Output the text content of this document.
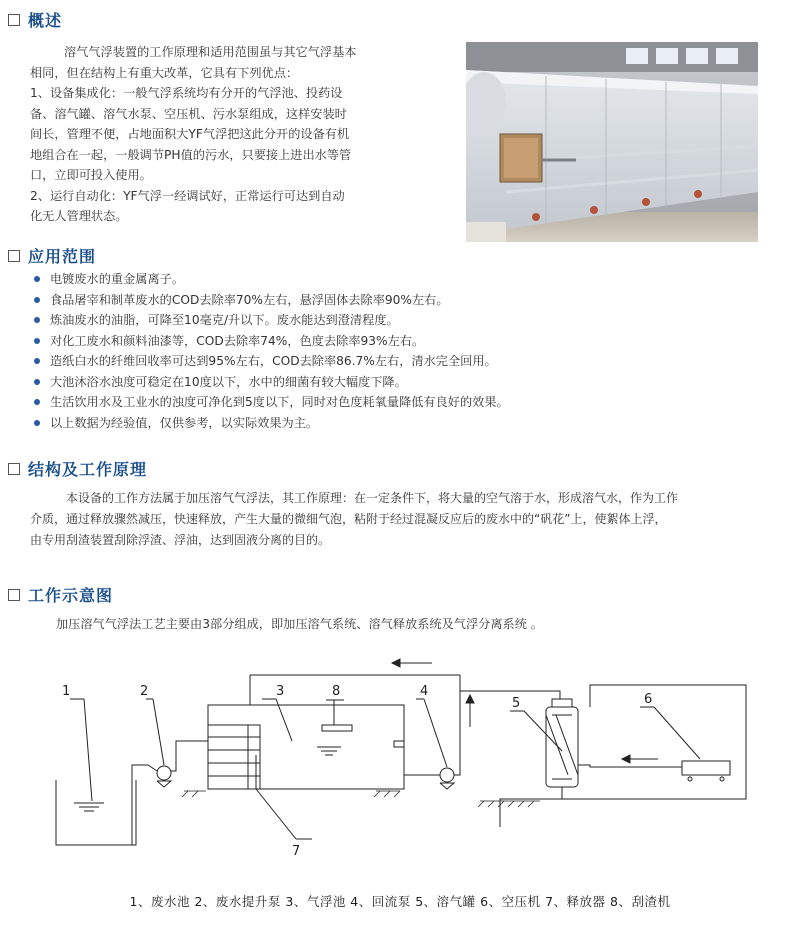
概述

溶气气浮装置的工作原理和适用范围虽与其它气浮基本

相同，但在结构上有重大改革，它具有下列优点：

1、设备集成化：一般气浮系统均有分开的气浮池、投药设

备、溶气罐、溶气水泵、空压机、污水泵组成，这样安装时

间长，管理不便，占地面积大YF气浮把这此分开的设备有机

地组合在一起，一般调节PH值的污水，只要接上进出水等管

口，立即可投入使用。

2、运行自动化：YF气浮一经调试好，正常运行可达到自动

化无人管理状态。

应用范围
电镀废水的重金属离子。
食品屠宰和制革废水的COD去除率70%左右，悬浮固体去除率90%左右。
炼油废水的油脂，可降至10毫克/升以下。废水能达到澄清程度。
对化工废水和颜料油漆等，COD去除率74%，色度去除率93%左右。
造纸白水的纤维回收率可达到95%左右，COD去除率86.7%左右，清水完全回用。
大池沐浴水浊度可稳定在10度以下，水中的细菌有较大幅度下降。
生活饮用水及工业水的浊度可净化到5度以下，同时对色度耗氧量降低有良好的效果。
以上数据为经验值，仅供参考，以实际效果为主。
结构及工作原理

本设备的工作方法属于加压溶气气浮法，其工作原理：在一定条件下，将大量的空气溶于水，形成溶气水，作为工作

介质，通过释放骤然减压，快速释放，产生大量的微细气泡，粘附于经过混凝反应后的废水中的“矾花”上，使絮体上浮，

由专用刮渣装置刮除浮渣、浮油，达到固液分离的目的。

工作示意图
加压溶气气浮法工艺主要由3部分组成，即加压溶气系统、溶气释放系统及气浮分离系统 。
1	2	3	4
5	6
7
8
1、废水池 2、废水提升泵 3、气浮池 4、回流泵 5、溶气罐 6、空压机 7、释放器 8、刮渣机
